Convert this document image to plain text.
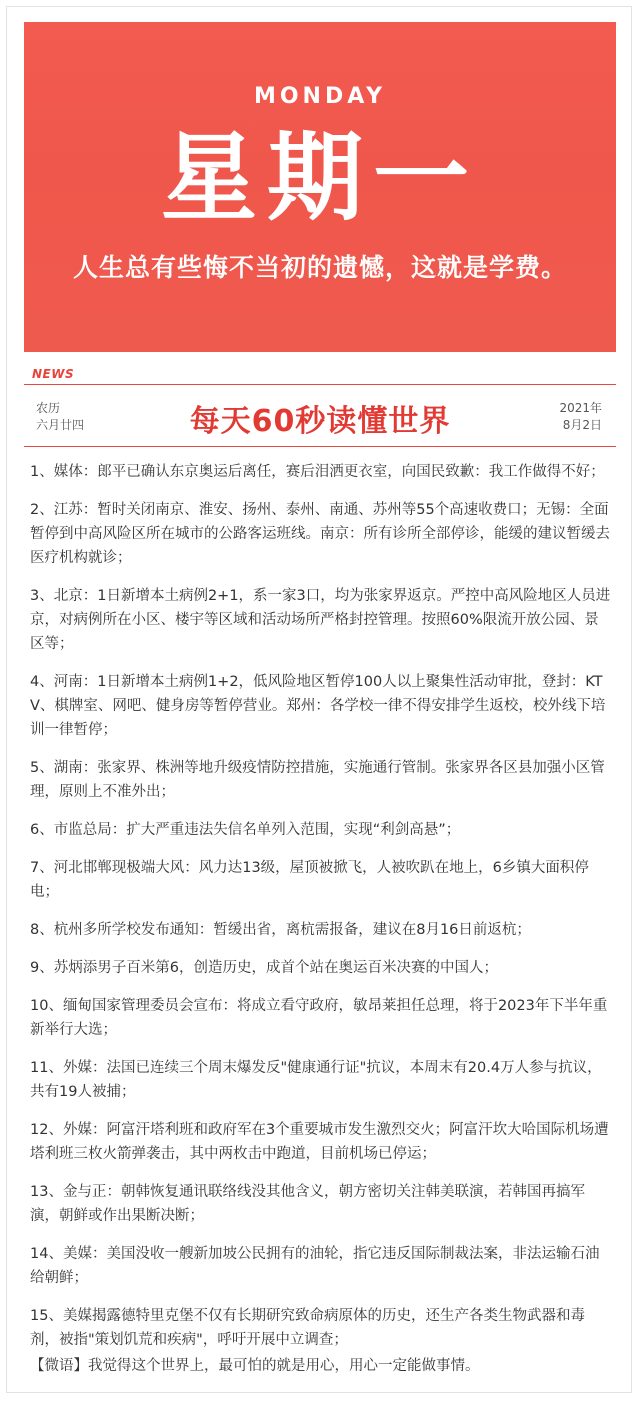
MONDAY
星期一
人生总有些悔不当初的遗憾，这就是学费。
NEWS
农历
六月廿四	每天60秒读懂世界	2021年
8月2日
1、媒体：郎平已确认东京奥运后离任，赛后泪洒更衣室，向国民致歉：我工作做得不好；
2、江苏：暂时关闭南京、淮安、扬州、泰州、南通、苏州等55个高速收费口；无锡：全面暂停到中高风险区所在城市的公路客运班线。南京：所有诊所全部停诊，能缓的建议暂缓去医疗机构就诊；
3、北京：1日新增本土病例2+1，系一家3口，均为张家界返京。严控中高风险地区人员进京，对病例所在小区、楼宇等区域和活动场所严格封控管理。按照60%限流开放公园、景区等；
4、河南：1日新增本土病例1+2，低风险地区暂停100人以上聚集性活动审批，登封：KTV、棋牌室、网吧、健身房等暂停营业。郑州：各学校一律不得安排学生返校，校外线下培训一律暂停；
5、湖南：张家界、株洲等地升级疫情防控措施，实施通行管制。张家界各区县加强小区管理，原则上不准外出；
6、市监总局：扩大严重违法失信名单列入范围，实现“利剑高悬”；
7、河北邯郸现极端大风：风力达13级，屋顶被掀飞，人被吹趴在地上，6乡镇大面积停电；
8、杭州多所学校发布通知：暂缓出省，离杭需报备，建议在8月16日前返杭；
9、苏炳添男子百米第6，创造历史，成首个站在奥运百米决赛的中国人；
10、缅甸国家管理委员会宣布：将成立看守政府，敏昂莱担任总理，将于2023年下半年重新举行大选；
11、外媒：法国已连续三个周末爆发反"健康通行证"抗议，本周末有20.4万人参与抗议，共有19人被捕；
12、外媒：阿富汗塔利班和政府军在3个重要城市发生激烈交火；阿富汗坎大哈国际机场遭塔利班三枚火箭弹袭击，其中两枚击中跑道，目前机场已停运；
13、金与正：朝韩恢复通讯联络线没其他含义，朝方密切关注韩美联演，若韩国再搞军演，朝鲜或作出果断决断；
14、美媒：美国没收一艘新加坡公民拥有的油轮，指它违反国际制裁法案，非法运输石油给朝鲜；
15、美媒揭露德特里克堡不仅有长期研究致命病原体的历史，还生产各类生物武器和毒剂，被指"策划饥荒和疾病"，呼吁开展中立调查；
【微语】我觉得这个世界上，最可怕的就是用心，用心一定能做事情。
